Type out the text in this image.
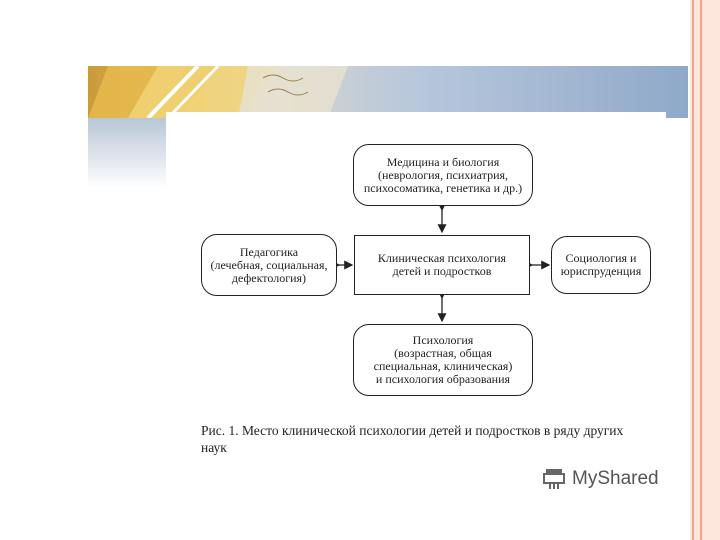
Медицина и биология
(неврология, психиатрия,
психосоматика, генетика и др.)
Педагогика
(лечебная, социальная,
дефектология)
Клиническая психология
детей и подростков
Социология и
юриспруденция
Психология
(возрастная, общая
специальная, клиническая)
и психология образования
Рис. 1. Место клинической психологии детей и подростков в ряду других
наук
MyShared
